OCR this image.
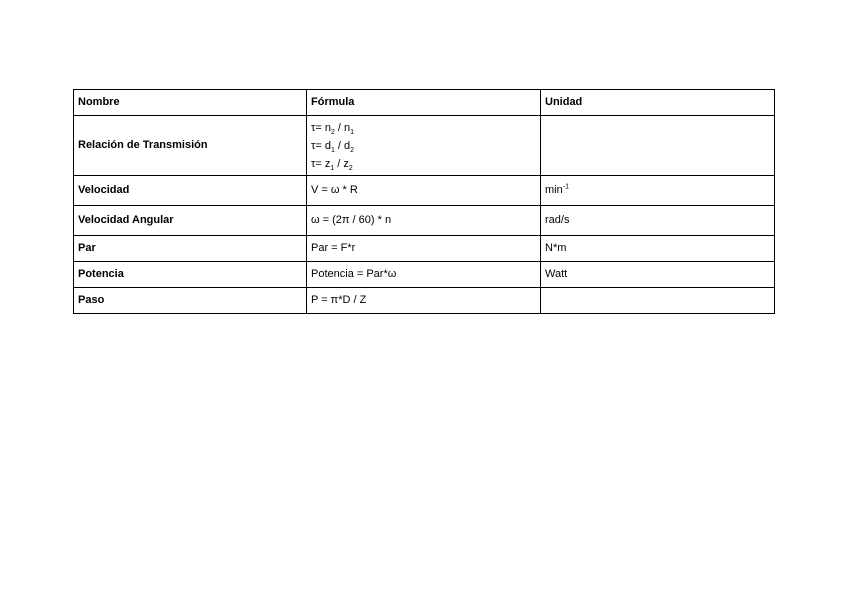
Nombre	Fórmula	Unidad
Relación de Transmisión	$\tau= n_2 / n_1$
$\tau= d_1 / d_2$
$\tau= z_1 / z_2$

Velocidad	V = ω * R	$\min^{-1}$
Velocidad Angular	ω = (2π / 60) * n	rad/s
Par	Par = F*r	N*m
Potencia	Potencia = Par*ω	Watt
Paso	P = π*D / Z	
